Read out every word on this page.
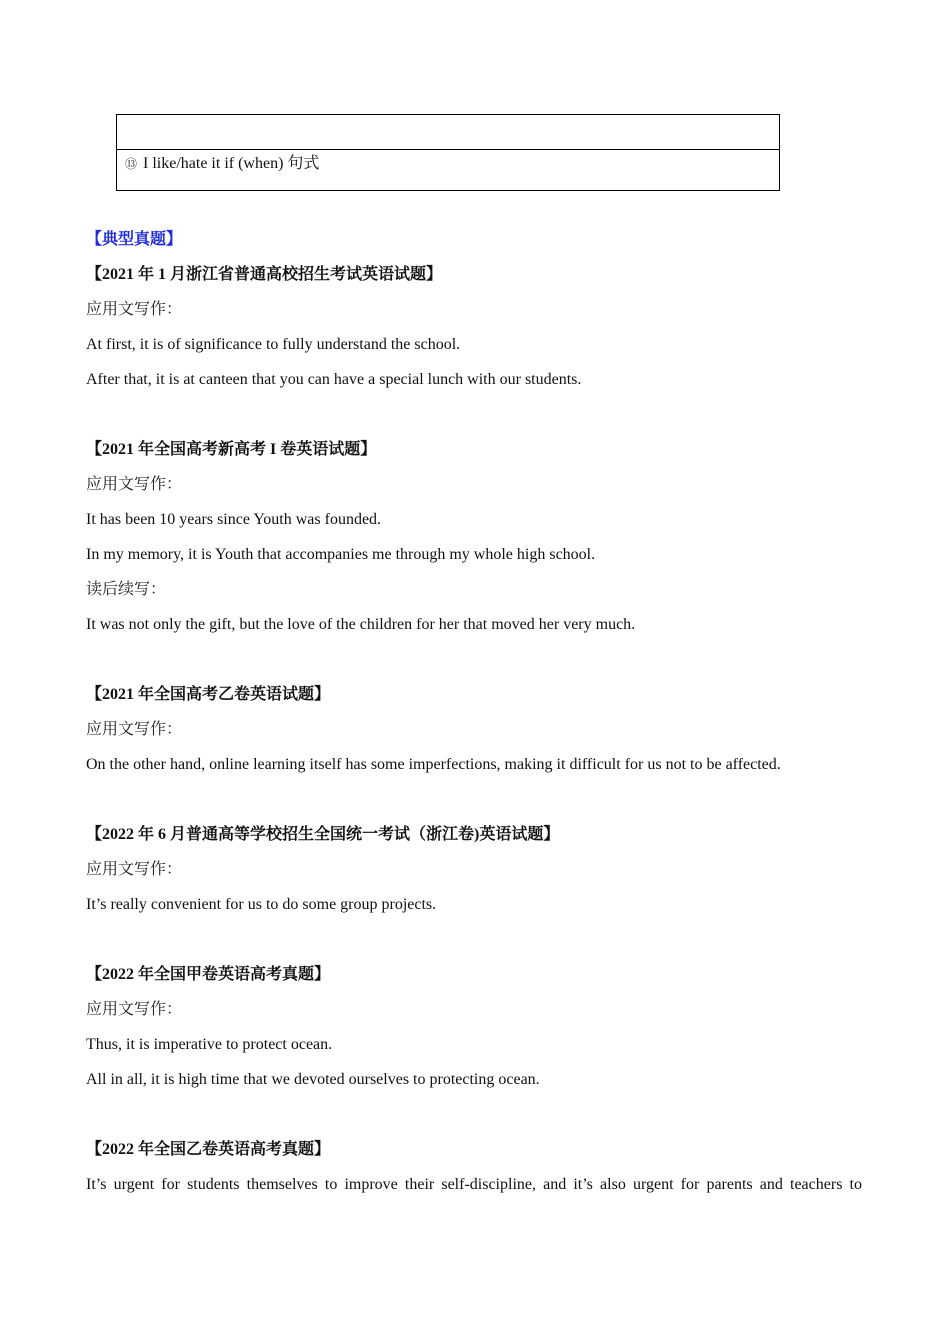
⑬ I like/hate it if (when) 句式
【典型真题】
【2021 年 1 月浙江省普通高校招生考试英语试题】
应用文写作：
At first, it is of significance to fully understand the school.
After that, it is at canteen that you can have a special lunch with our students.
【2021 年全国高考新高考 I 卷英语试题】
应用文写作：
It has been 10 years since Youth was founded.
In my memory, it is Youth that accompanies me through my whole high school.
读后续写：
It was not only the gift, but the love of the children for her that moved her very much.
【2021 年全国高考乙卷英语试题】
应用文写作：
On the other hand, online learning itself has some imperfections, making it difficult for us not to be affected.
【2022 年 6 月普通高等学校招生全国统一考试（浙江卷)英语试题】
应用文写作：
It’s really convenient for us to do some group projects.
【2022 年全国甲卷英语高考真题】
应用文写作：
Thus, it is imperative to protect ocean.
All in all, it is high time that we devoted ourselves to protecting ocean.
【2022 年全国乙卷英语高考真题】
It’s urgent for students themselves to improve their self-discipline, and it’s also urgent for parents and teachers to
